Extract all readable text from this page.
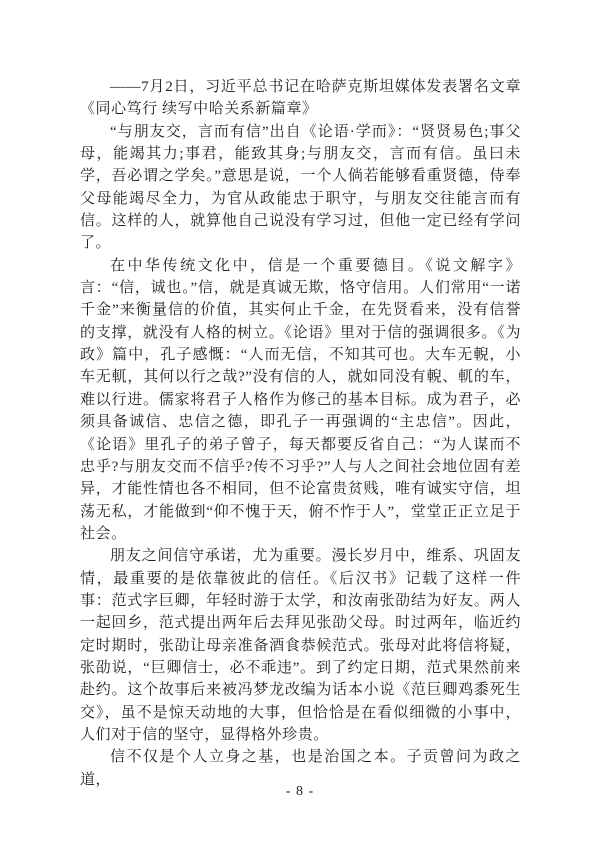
——7月2日，习近平总书记在哈萨克斯坦媒体发表署名文章《同心笃行 续写中哈关系新篇章》

“与朋友交，言而有信”出自《论语·学而》：“贤贤易色;事父母，能竭其力;事君，能致其身;与朋友交，言而有信。虽曰未学，吾必谓之学矣。”意思是说，一个人倘若能够看重贤德，侍奉父母能竭尽全力，为官从政能忠于职守，与朋友交往能言而有信。这样的人，就算他自己说没有学习过，但他一定已经有学问了。

在中华传统文化中，信是一个重要德目。《说文解字》言：“信，诚也。”信，就是真诚无欺，恪守信用。人们常用“一诺千金”来衡量信的价值，其实何止千金，在先贤看来，没有信誉的支撑，就没有人格的树立。《论语》里对于信的强调很多。《为政》篇中，孔子感慨：“人而无信，不知其可也。大车无輗，小车无軏，其何以行之哉?”没有信的人，就如同没有輗、軏的车，难以行进。儒家将君子人格作为修己的基本目标。成为君子，必须具备诚信、忠信之德，即孔子一再强调的“主忠信”。因此，《论语》里孔子的弟子曾子，每天都要反省自己：“为人谋而不忠乎?与朋友交而不信乎?传不习乎?”人与人之间社会地位固有差异，才能性情也各不相同，但不论富贵贫贱，唯有诚实守信，坦荡无私，才能做到“仰不愧于天，俯不怍于人”，堂堂正正立足于社会。

朋友之间信守承诺，尤为重要。漫长岁月中，维系、巩固友情，最重要的是依靠彼此的信任。《后汉书》记载了这样一件事：范式字巨卿，年轻时游于太学，和汝南张劭结为好友。两人一起回乡，范式提出两年后去拜见张劭父母。时过两年，临近约定时期时，张劭让母亲准备酒食恭候范式。张母对此将信将疑，张劭说，“巨卿信士，必不乖违”。到了约定日期，范式果然前来赴约。这个故事后来被冯梦龙改编为话本小说《范巨卿鸡黍死生交》，虽不是惊天动地的大事，但恰恰是在看似细微的小事中，人们对于信的坚守，显得格外珍贵。

信不仅是个人立身之基，也是治国之本。子贡曾问为政之道，

- 8 -
